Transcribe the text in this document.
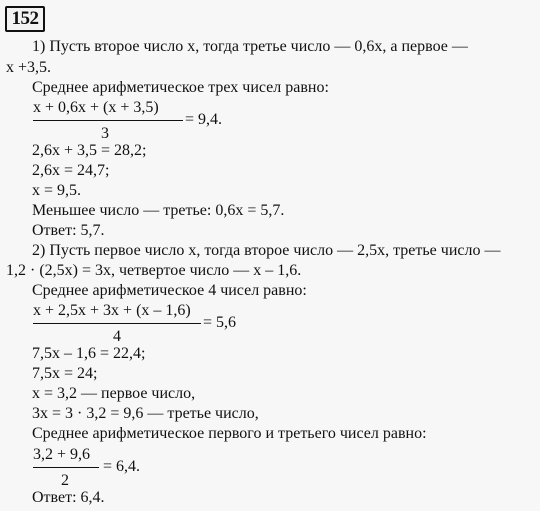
152
1) Пусть второе число x, тогда третье число — 0,6x, а первое —
x +3,5.
Среднее арифметическое трех чисел равно:
x + 0,6x + (x + 3,5)
3
= 9,4.
2,6x + 3,5 = 28,2;
2,6x = 24,7;
x = 9,5.
Меньшее число — третье: 0,6x = 5,7.
Ответ: 5,7.
2) Пусть первое число x, тогда второе число — 2,5x, третье число —
1,2 · (2,5x) = 3x, четвертое число — x – 1,6.
Среднее арифметическое 4 чисел равно:
x + 2,5x + 3x + (x – 1,6)
4
= 5,6
7,5x – 1,6 = 22,4;
7,5x = 24;
x = 3,2 — первое число,
3x = 3 · 3,2 = 9,6 — третье число,
Среднее арифметическое первого и третьего чисел равно:
3,2 + 9,6
2
= 6,4.
Ответ: 6,4.
